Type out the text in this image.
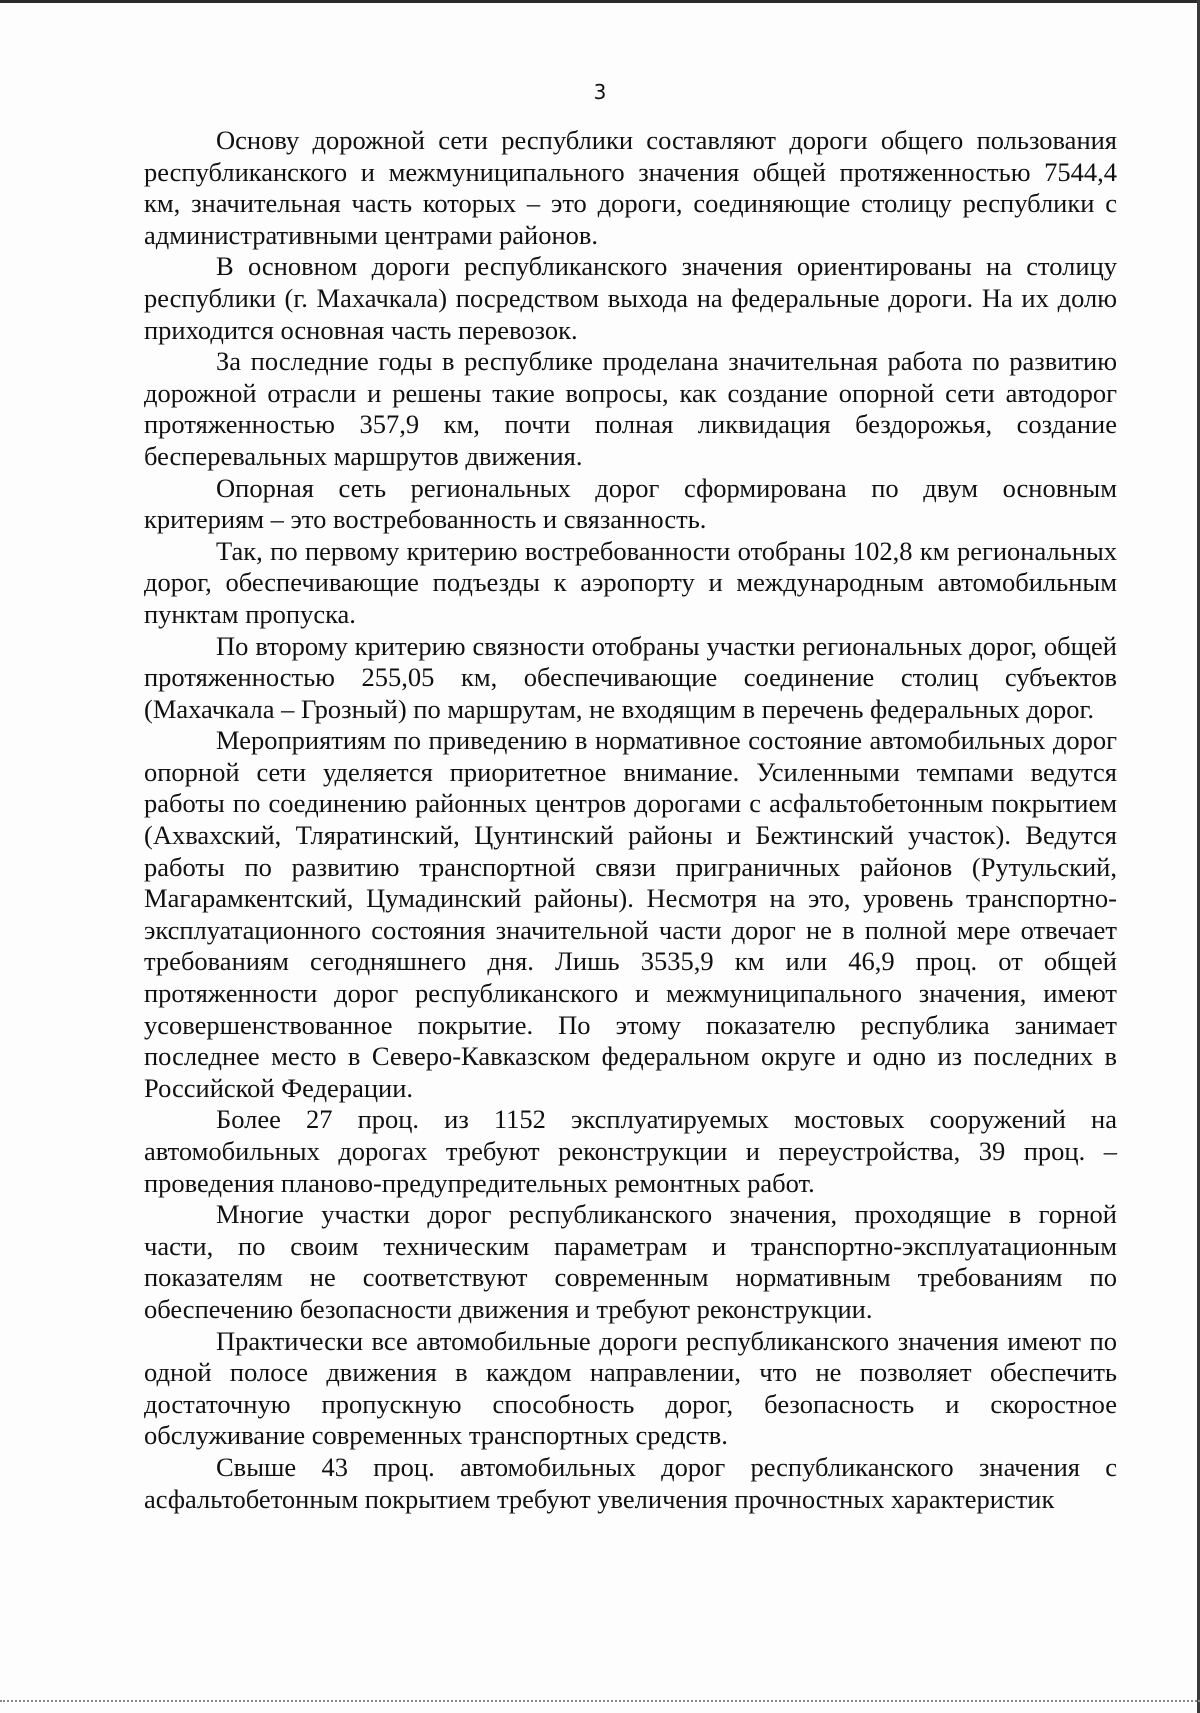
3

Основу дорожной сети республики составляют дороги общего пользования республиканского и межмуниципального значения общей протяженностью 7544,4 км, значительная часть которых – это дороги, соединяющие столицу республики с административными центрами районов.

В основном дороги республиканского значения ориентированы на столицу республики (г. Махачкала) посредством выхода на федеральные дороги. На их долю приходится основная часть перевозок.

За последние годы в республике проделана значительная работа по развитию дорожной отрасли и решены такие вопросы, как создание опорной сети автодорог протяженностью 357,9 км, почти полная ликвидация бездорожья, создание бесперевальных маршрутов движения.

Опорная сеть региональных дорог сформирована по двум основным критериям – это востребованность и связанность.

Так, по первому критерию востребованности отобраны 102,8 км региональных дорог, обеспечивающие подъезды к аэропорту и международным автомобильным пунктам пропуска.

По второму критерию связности отобраны участки региональных дорог, общей протяженностью 255,05 км, обеспечивающие соединение столиц субъектов (Махачкала – Грозный) по маршрутам, не входящим в перечень федеральных дорог.

Мероприятиям по приведению в нормативное состояние автомобильных дорог опорной сети уделяется приоритетное внимание. Усиленными темпами ведутся работы по соединению районных центров дорогами с асфальтобетонным покрытием (Ахвахский, Тляратинский, Цунтинский районы и Бежтинский участок). Ведутся работы по развитию транспортной связи приграничных районов (Рутульский, Магарамкентский, Цумадинский районы). Несмотря на это, уровень транспортно-эксплуатационного состояния значительной части дорог не в полной мере отвечает требованиям сегодняшнего дня. Лишь 3535,9 км или 46,9 проц. от общей протяженности дорог республиканского и межмуниципального значения, имеют усовершенствованное покрытие. По этому показателю республика занимает последнее место в Северо-Кавказском федеральном округе и одно из последних в Российской Федерации.

Более 27 проц. из 1152 эксплуатируемых мостовых сооружений на автомобильных дорогах требуют реконструкции и переустройства, 39 проц. – проведения планово-предупредительных ремонтных работ.

Многие участки дорог республиканского значения, проходящие в горной части, по своим техническим параметрам и транспортно-эксплуатационным показателям не соответствуют современным нормативным требованиям по обеспечению безопасности движения и требуют реконструкции.

Практически все автомобильные дороги республиканского значения имеют по одной полосе движения в каждом направлении, что не позволяет обеспечить достаточную пропускную способность дорог, безопасность и скоростное обслуживание современных транспортных средств.

Свыше 43 проц. автомобильных дорог республиканского значения с асфальтобетонным покрытием требуют увеличения прочностных характеристик
